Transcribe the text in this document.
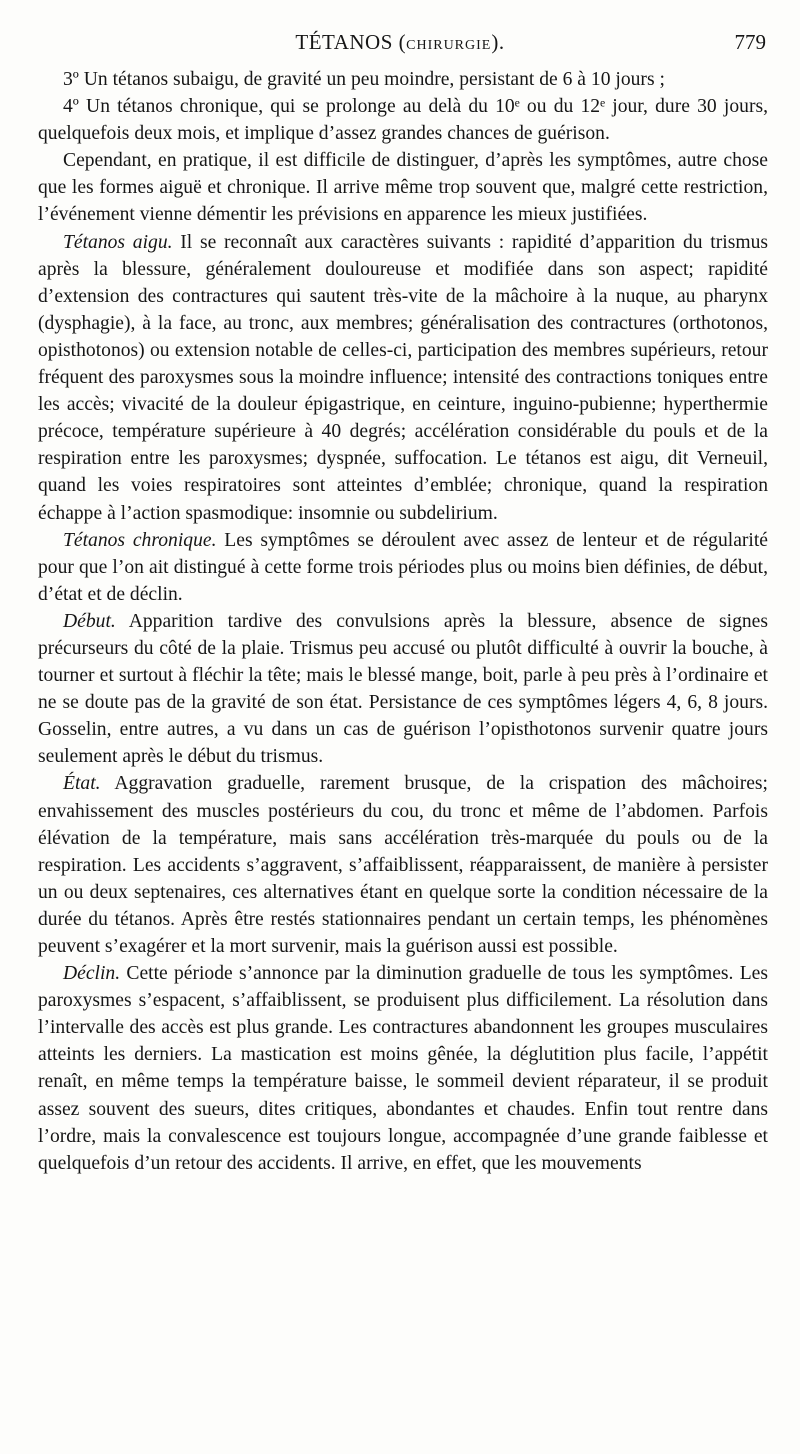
TÉTANOS (CHIRURGIE).	779

3º Un tétanos subaigu, de gravité un peu moindre, persistant de 6 à 10 jours ;

4º Un tétanos chronique, qui se prolonge au delà du 10ᵉ ou du 12ᵉ jour, dure 30 jours, quelquefois deux mois, et implique d’assez grandes chances de guérison.

Cependant, en pratique, il est difficile de distinguer, d’après les symptômes, autre chose que les formes aiguë et chronique. Il arrive même trop souvent que, malgré cette restriction, l’événement vienne démentir les prévisions en apparence les mieux justifiées.

Tétanos aigu. Il se reconnaît aux caractères suivants : rapidité d’apparition du trismus après la blessure, généralement douloureuse et modifiée dans son aspect; rapidité d’extension des contractures qui sautent très-vite de la mâchoire à la nuque, au pharynx (dysphagie), à la face, au tronc, aux membres; généralisation des contractures (orthotonos, opisthotonos) ou extension notable de celles-ci, participation des membres supérieurs, retour fréquent des paroxysmes sous la moindre influence; intensité des contractions toniques entre les accès; vivacité de la douleur épigastrique, en ceinture, inguino-pubienne; hyperthermie précoce, température supérieure à 40 degrés; accélération considérable du pouls et de la respiration entre les paroxysmes; dyspnée, suffocation. Le tétanos est aigu, dit Verneuil, quand les voies respiratoires sont atteintes d’emblée; chronique, quand la respiration échappe à l’action spasmodique: insomnie ou subdelirium.

Tétanos chronique. Les symptômes se déroulent avec assez de lenteur et de régularité pour que l’on ait distingué à cette forme trois périodes plus ou moins bien définies, de début, d’état et de déclin.

Début. Apparition tardive des convulsions après la blessure, absence de signes précurseurs du côté de la plaie. Trismus peu accusé ou plutôt difficulté à ouvrir la bouche, à tourner et surtout à fléchir la tête; mais le blessé mange, boit, parle à peu près à l’ordinaire et ne se doute pas de la gravité de son état. Persistance de ces symptômes légers 4, 6, 8 jours. Gosselin, entre autres, a vu dans un cas de guérison l’opisthotonos survenir quatre jours seulement après le début du trismus.

État. Aggravation graduelle, rarement brusque, de la crispation des mâchoires; envahissement des muscles postérieurs du cou, du tronc et même de l’abdomen. Parfois élévation de la température, mais sans accélération très-marquée du pouls ou de la respiration. Les accidents s’aggravent, s’affaiblissent, réapparaissent, de manière à persister un ou deux septenaires, ces alternatives étant en quelque sorte la condition nécessaire de la durée du tétanos. Après être restés stationnaires pendant un certain temps, les phénomènes peuvent s’exagérer et la mort survenir, mais la guérison aussi est possible.

Déclin. Cette période s’annonce par la diminution graduelle de tous les symptômes. Les paroxysmes s’espacent, s’affaiblissent, se produisent plus difficilement. La résolution dans l’intervalle des accès est plus grande. Les contractures abandonnent les groupes musculaires atteints les derniers. La mastication est moins gênée, la déglutition plus facile, l’appétit renaît, en même temps la température baisse, le sommeil devient réparateur, il se produit assez souvent des sueurs, dites critiques, abondantes et chaudes. Enfin tout rentre dans l’ordre, mais la convalescence est toujours longue, accompagnée d’une grande faiblesse et quelquefois d’un retour des accidents. Il arrive, en effet, que les mouvements
